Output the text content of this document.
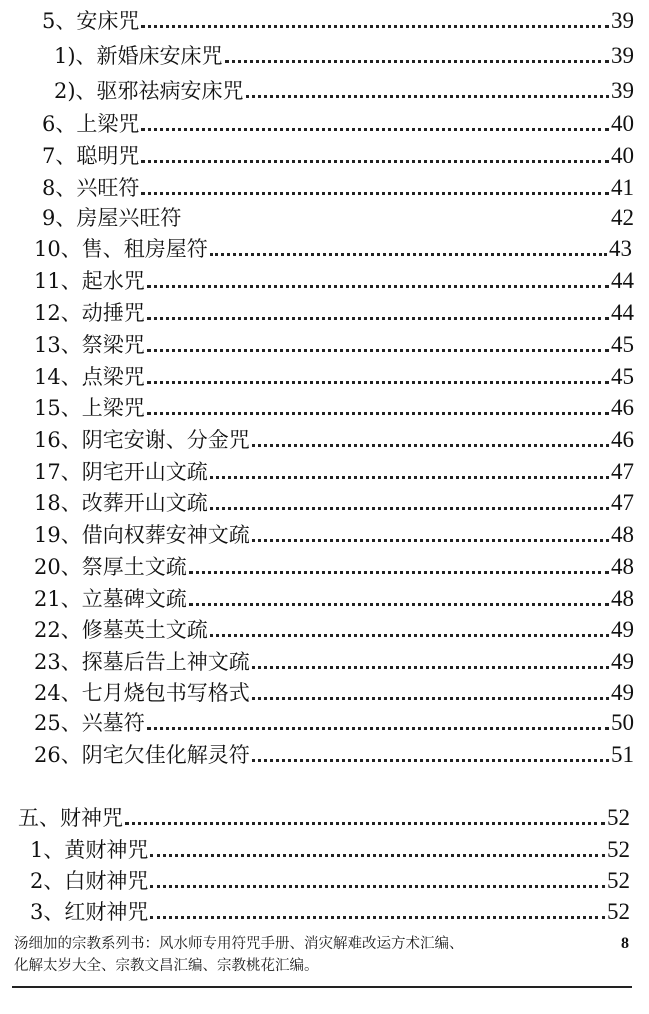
5、安床咒	39
1)、新婚床安床咒	39
2)、驱邪祛病安床咒	39
6、上梁咒	40
7、聪明咒	40
8、兴旺符	41
9、房屋兴旺符	42
10、售、租房屋符	43
11、起水咒	44
12、动捶咒	44
13、祭梁咒	45
14、点梁咒	45
15、上梁咒	46
16、阴宅安谢、分金咒	46
17、阴宅开山文疏	47
18、改葬开山文疏	47
19、借向权葬安神文疏	48
20、祭厚土文疏	48
21、立墓碑文疏	48
22、修墓英土文疏	49
23、探墓后告上神文疏	49
24、七月烧包书写格式	49
25、兴墓符	50
26、阴宅欠佳化解灵符	51
五、财神咒	52
1、黄财神咒	52
2、白财神咒	52
3、红财神咒	52
汤细加的宗教系列书：风水师专用符咒手册、消灾解难改运方术汇编、
化解太岁大全、宗教文昌汇编、宗教桃花汇编。
8
